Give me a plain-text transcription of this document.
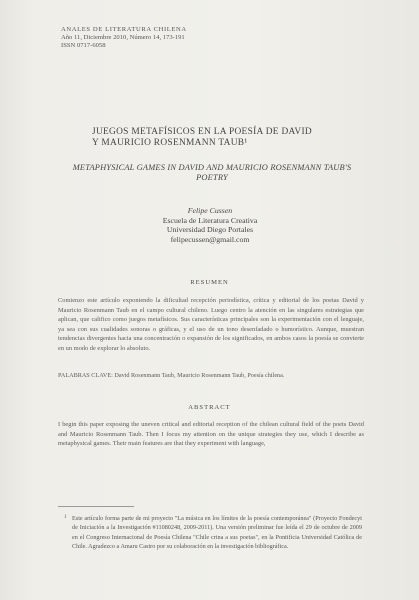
ANALES DE LITERATURA CHILENA
Año 11, Diciembre 2010, Número 14, 173-191
ISSN 0717-6058
JUEGOS METAFÍSICOS EN LA POESÍA DE DAVID
Y MAURICIO ROSENMANN TAUB¹
METAPHYSICAL GAMES IN DAVID AND MAURICIO ROSENMANN TAUB'S
POETRY
Felipe Cussen
Escuela de Literatura Creativa
Universidad Diego Portales
felipecussen@gmail.com
RESUMEN
Comienzo este artículo exponiendo la dificultad recepción periodística, crítica y editorial de los poetas David y Mauricio Rosenmann Taub en el campo cultural chileno. Luego centro la atención en las singulares estrategias que aplican, que califico como juegos metafísicos. Sus características principales son la experimentación con el lenguaje, ya sea con sus cualidades sonoras o gráficas, y el uso de un tono desenfadado o humorístico. Aunque, muestran tendencias divergentes hacia una concentración o expansión de los significados, en ambos casos la poesía se convierte en un modo de explorar lo absoluto.
PALABRAS CLAVE: David Rosenmann Taub, Mauricio Rosenmann Taub, Poesía chilena.
ABSTRACT
I begin this paper exposing the uneven critical and editorial reception of the chilean cultural field of the poets David and Mauricio Rosenmann Taub. Then I focus my attention on the unique strategies they use, which I describe as metaphysical games. Their main features are that they experiment with language,
1 Este artículo forma parte de mi proyecto "La música en los límites de la poesía contemporánea" (Proyecto Fondecyt de Iniciación a la Investigación #11080248, 2009-2011). Una versión preliminar fue leída el 29 de octubre de 2009 en el Congreso Internacional de Poesía Chilena "Chile crina a sus poetas", en la Pontificia Universidad Católica de Chile. Agradezco a Amaru Castro por su colaboración en la investigación bibliográfica.
